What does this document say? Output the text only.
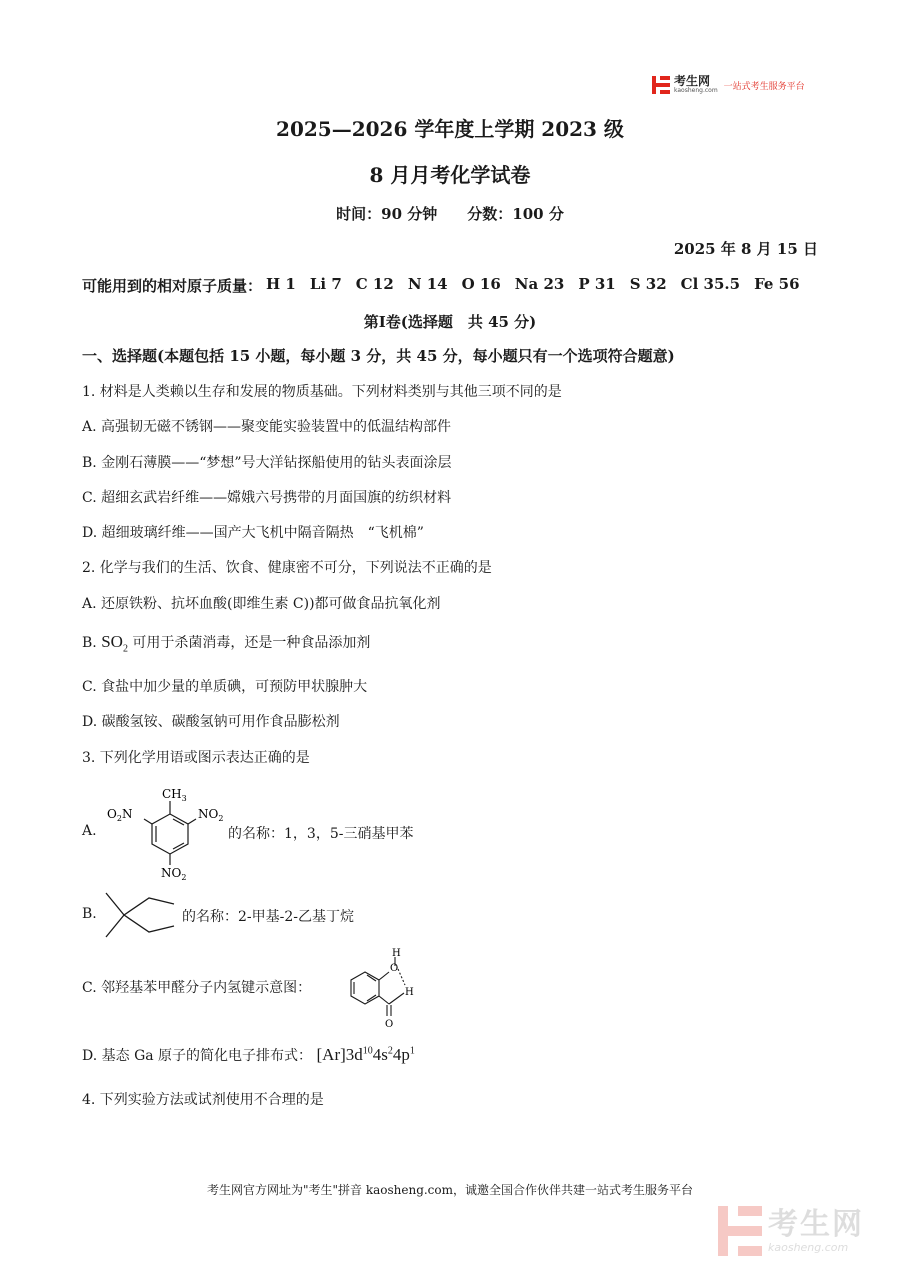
考生网
kaosheng.com 一站式考生服务平台
2025—2026 学年度上学期 2023 级
8 月月考化学试卷
时间：90 分钟 分数：100 分
2025 年 8 月 15 日
可能用到的相对原子质量： H 1 Li 7 C 12 N 14 O 16 Na 23 P 31 S 32 Cl 35.5 Fe 56
第Ⅰ卷(选择题　共 45 分)
一、选择题(本题包括 15 小题，每小题 3 分，共 45 分，每小题只有一个选项符合题意)
1. 材料是人类赖以生存和发展的物质基础。下列材料类别与其他三项不同的是
A. 高强韧无磁不锈钢——聚变能实验装置中的低温结构部件
B. 金刚石薄膜——“梦想”号大洋钻探船使用的钻头表面涂层
C. 超细玄武岩纤维——嫦娥六号携带的月面国旗的纺织材料
D. 超细玻璃纤维——国产大飞机中隔音隔热　“飞机棉”
2. 化学与我们的生活、饮食、健康密不可分，下列说法不正确的是
A. 还原铁粉、抗坏血酸(即维生素 C))都可做食品抗氧化剂
B. $SO_2$ 可用于杀菌消毒，还是一种食品添加剂
C. 食盐中加少量的单质碘，可预防甲状腺肿大
D. 碳酸氢铵、碳酸氢钠可用作食品膨松剂
3. 下列化学用语或图示表达正确的是
A.
$CH_3$
$O_2N$	$NO_2$
$NO_2$
的名称：1，3，5-三硝基甲苯
B.	的名称：2-甲基-2-乙基丁烷
C. 邻羟基苯甲醛分子内氢键示意图：
H
O
H
O
D. 基态 Ga 原子的简化电子排布式： $[Ar]3d^{10}4s^24p^1$
4. 下列实验方法或试剂使用不合理的是
考生网官方网址为"考生"拼音 kaosheng.com，诚邀全国合作伙伴共建一站式考生服务平台
考生网
kaosheng.com
